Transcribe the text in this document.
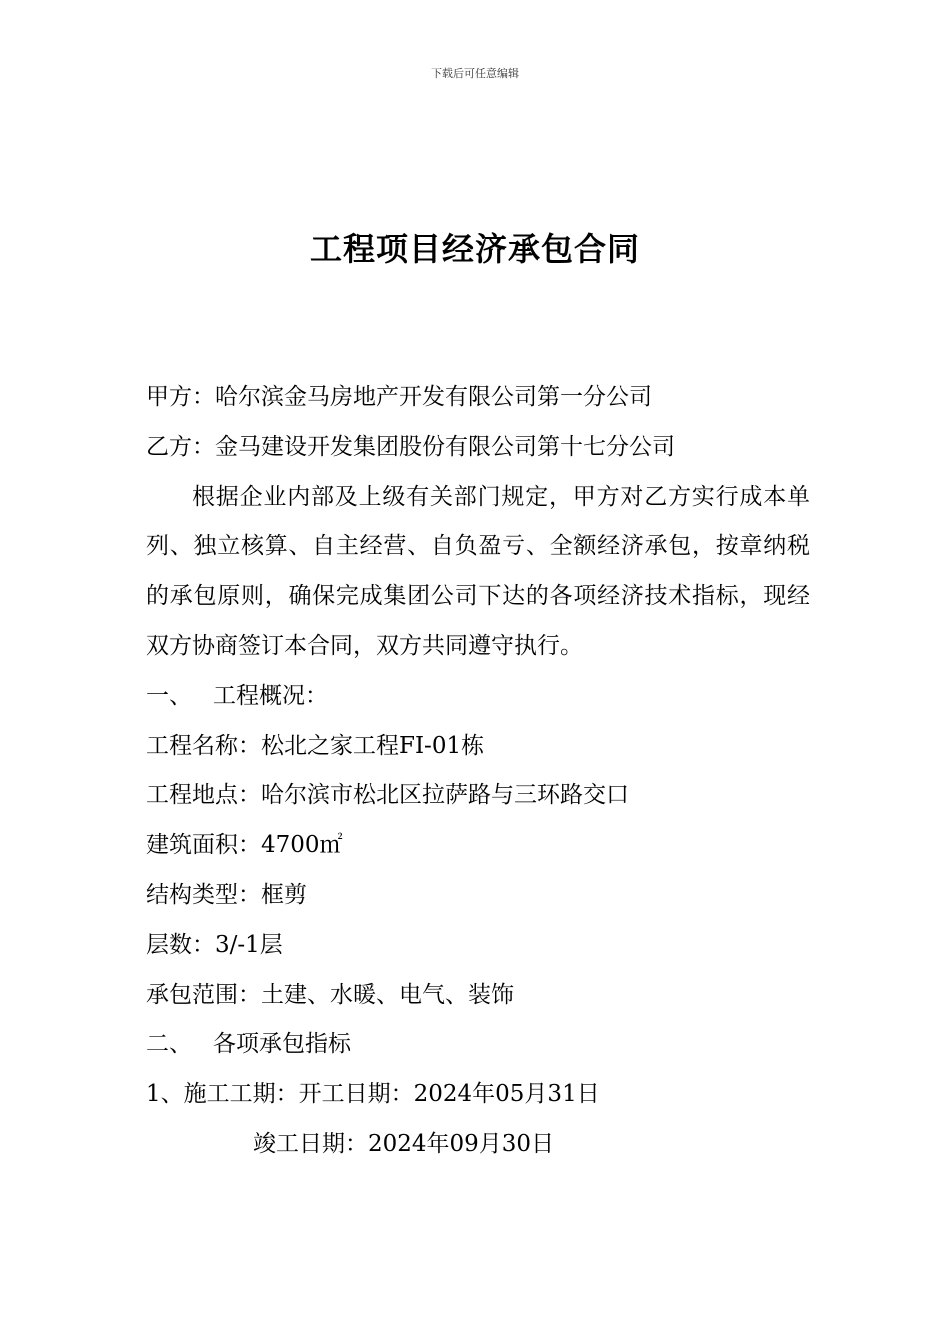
下载后可任意编辑
工程项目经济承包合同

甲方：哈尔滨金马房地产开发有限公司第一分公司

乙方：金马建设开发集团股份有限公司第十七分公司

根据企业内部及上级有关部门规定，甲方对乙方实行成本单列、独立核算、自主经营、自负盈亏、全额经济承包，按章纳税的承包原则，确保完成集团公司下达的各项经济技术指标，现经双方协商签订本合同，双方共同遵守执行。

一、 工程概况：

工程名称：松北之家工程FI-01栋

工程地点：哈尔滨市松北区拉萨路与三环路交口

建筑面积：4700㎡

结构类型：框剪

层数：3/-1层

承包范围：土建、水暖、电气、装饰

二、 各项承包指标

1、施工工期：开工日期：2024年05月31日

竣工日期：2024年09月30日
